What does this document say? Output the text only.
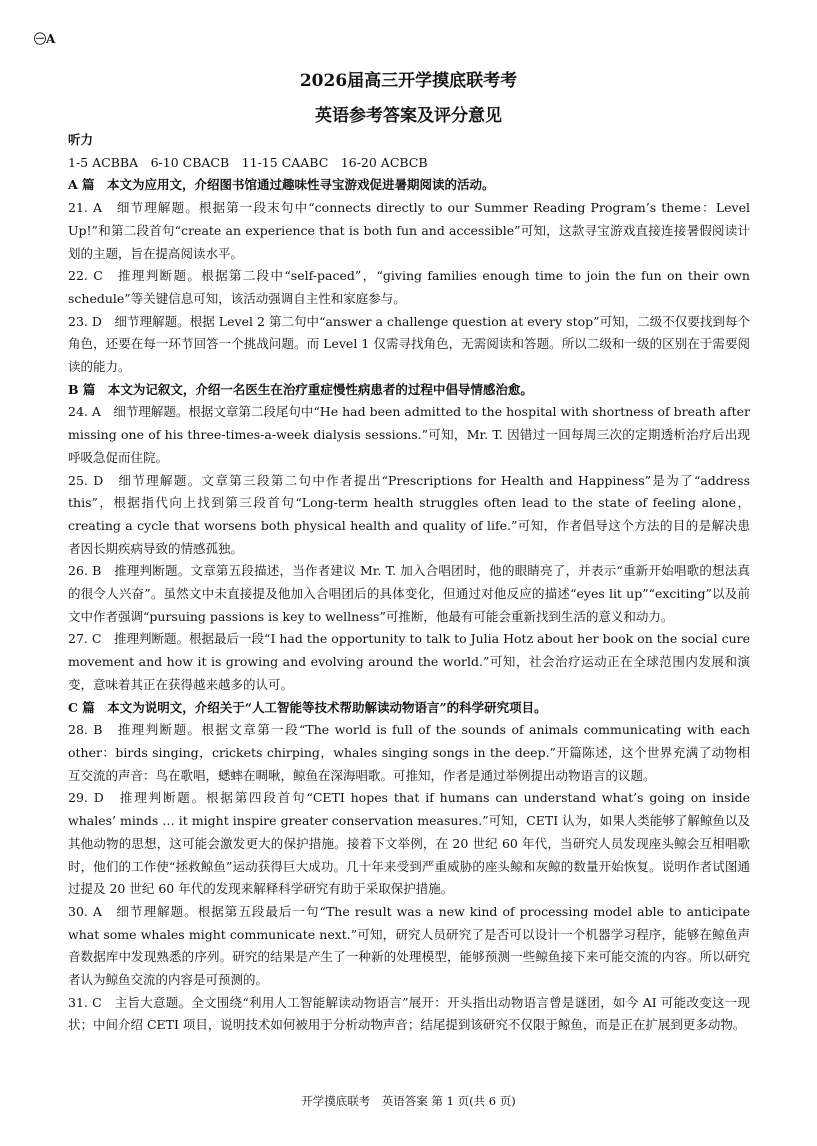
㊀A
2026届高三开学摸底联考考
英语参考答案及评分意见
听力
1-5 ACBBA　6-10 CBACB　11-15 CAABC　16-20 ACBCB
A 篇　本文为应用文，介绍图书馆通过趣味性寻宝游戏促进暑期阅读的活动。
21. A　细节理解题。根据第一段末句中“connects directly to our Summer Reading Program’s theme：Level Up!”和第二段首句“create an experience that is both fun and accessible”可知，这款寻宝游戏直接连接暑假阅读计划的主题，旨在提高阅读水平。
22. C　推理判断题。根据第二段中“self-paced”，“giving families enough time to join the fun on their own schedule”等关键信息可知，该活动强调自主性和家庭参与。
23. D　细节理解题。根据 Level 2 第二句中“answer a challenge question at every stop”可知，二级不仅要找到每个角色，还要在每一环节回答一个挑战问题。而 Level 1 仅需寻找角色，无需阅读和答题。所以二级和一级的区别在于需要阅读的能力。
B 篇　本文为记叙文，介绍一名医生在治疗重症慢性病患者的过程中倡导情感治愈。
24. A　细节理解题。根据文章第二段尾句中“He had been admitted to the hospital with shortness of breath after missing one of his three-times-a-week dialysis sessions.”可知，Mr. T. 因错过一回每周三次的定期透析治疗后出现呼吸急促而住院。
25. D　细节理解题。文章第三段第二句中作者提出“Prescriptions for Health and Happiness”是为了“address this”，根据指代向上找到第三段首句“Long-term health struggles often lead to the state of feeling alone，creating a cycle that worsens both physical health and quality of life.”可知，作者倡导这个方法的目的是解决患者因长期疾病导致的情感孤独。
26. B　推理判断题。文章第五段描述，当作者建议 Mr. T. 加入合唱团时，他的眼睛亮了，并表示“重新开始唱歌的想法真的很令人兴奋”。虽然文中未直接提及他加入合唱团后的具体变化，但通过对他反应的描述“eyes lit up”“exciting”以及前文中作者强调“pursuing passions is key to wellness”可推断，他最有可能会重新找到生活的意义和动力。
27. C　推理判断题。根据最后一段“I had the opportunity to talk to Julia Hotz about her book on the social cure movement and how it is growing and evolving around the world.”可知，社会治疗运动正在全球范围内发展和演变，意味着其正在获得越来越多的认可。
C 篇　本文为说明文，介绍关于“人工智能等技术帮助解读动物语言”的科学研究项目。
28. B　推理判断题。根据文章第一段“The world is full of the sounds of animals communicating with each other：birds singing，crickets chirping，whales singing songs in the deep.”开篇陈述，这个世界充满了动物相互交流的声音：鸟在歌唱，蟋蟀在啁啾，鲸鱼在深海唱歌。可推知，作者是通过举例提出动物语言的议题。
29. D　推理判断题。根据第四段首句“CETI hopes that if humans can understand what’s going on inside whales’ minds … it might inspire greater conservation measures.”可知，CETI 认为，如果人类能够了解鲸鱼以及其他动物的思想，这可能会激发更大的保护措施。接着下文举例，在 20 世纪 60 年代，当研究人员发现座头鲸会互相唱歌时，他们的工作使“拯救鲸鱼”运动获得巨大成功。几十年来受到严重威胁的座头鲸和灰鲸的数量开始恢复。说明作者试图通过提及 20 世纪 60 年代的发现来解释科学研究有助于采取保护措施。
30. A　细节理解题。根据第五段最后一句“The result was a new kind of processing model able to anticipate what some whales might communicate next.”可知，研究人员研究了是否可以设计一个机器学习程序，能够在鲸鱼声音数据库中发现熟悉的序列。研究的结果是产生了一种新的处理模型，能够预测一些鲸鱼接下来可能交流的内容。所以研究者认为鲸鱼交流的内容是可预测的。
31. C　主旨大意题。全文围绕“利用人工智能解读动物语言”展开：开头指出动物语言曾是谜团，如今 AI 可能改变这一现状；中间介绍 CETI 项目，说明技术如何被用于分析动物声音；结尾提到该研究不仅限于鲸鱼，而是正在扩展到更多动物。
开学摸底联考　英语答案 第 1 页(共 6 页)
